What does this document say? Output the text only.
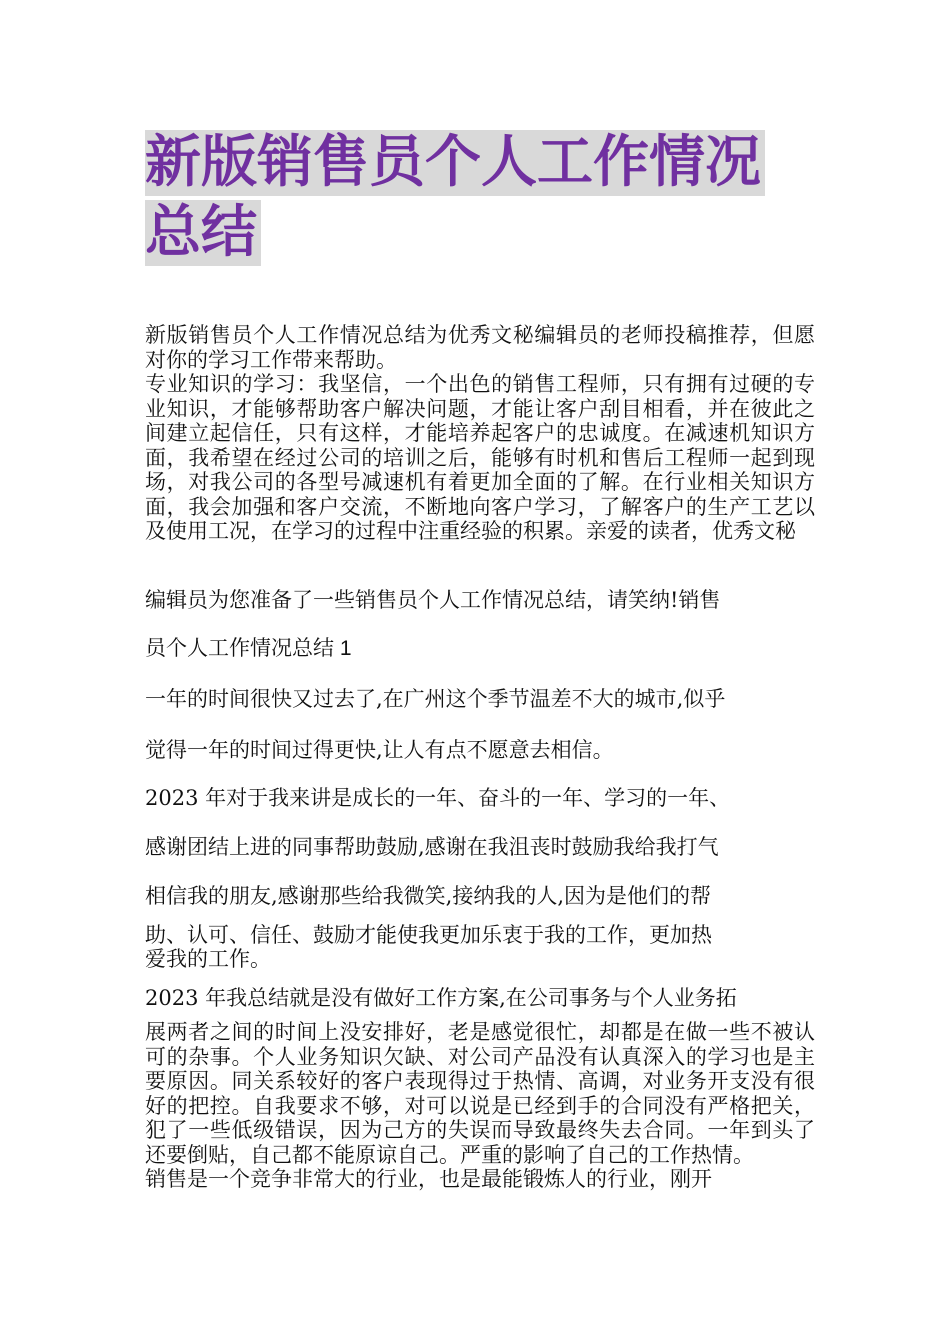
新版销售员个人工作情况
总结

新版销售员个人工作情况总结为优秀文秘编辑员的老师投稿推荐，但愿对你的学习工作带来帮助。

专业知识的学习：我坚信，一个出色的销售工程师，只有拥有过硬的专业知识，才能够帮助客户解决问题，才能让客户刮目相看，并在彼此之间建立起信任，只有这样，才能培养起客户的忠诚度。在减速机知识方面，我希望在经过公司的培训之后，能够有时机和售后工程师一起到现场，对我公司的各型号减速机有着更加全面的了解。在行业相关知识方面，我会加强和客户交流，不断地向客户学习，了解客户的生产工艺以及使用工况，在学习的过程中注重经验的积累。亲爱的读者，优秀文秘

编辑员为您准备了一些销售员个人工作情况总结，请笑纳!销售
员个人工作情况总结 1
一年的时间很快又过去了,在广州这个季节温差不大的城市,似乎
觉得一年的时间过得更快,让人有点不愿意去相信。
2023 年对于我来讲是成长的一年、奋斗的一年、学习的一年、
感谢团结上进的同事帮助鼓励,感谢在我沮丧时鼓励我给我打气
相信我的朋友,感谢那些给我微笑,接纳我的人,因为是他们的帮
助、认可、信任、鼓励才能使我更加乐衷于我的工作，更加热
爱我的工作。
2023 年我总结就是没有做好工作方案,在公司事务与个人业务拓

展两者之间的时间上没安排好，老是感觉很忙，却都是在做一些不被认可的杂事。个人业务知识欠缺、对公司产品没有认真深入的学习也是主要原因。同关系较好的客户表现得过于热情、高调，对业务开支没有很好的把控。自我要求不够，对可以说是已经到手的合同没有严格把关，犯了一些低级错误，因为己方的失误而导致最终失去合同。一年到头了还要倒贴，自己都不能原谅自己。严重的影响了自己的工作热情。

销售是一个竞争非常大的行业，也是最能锻炼人的行业，刚开
